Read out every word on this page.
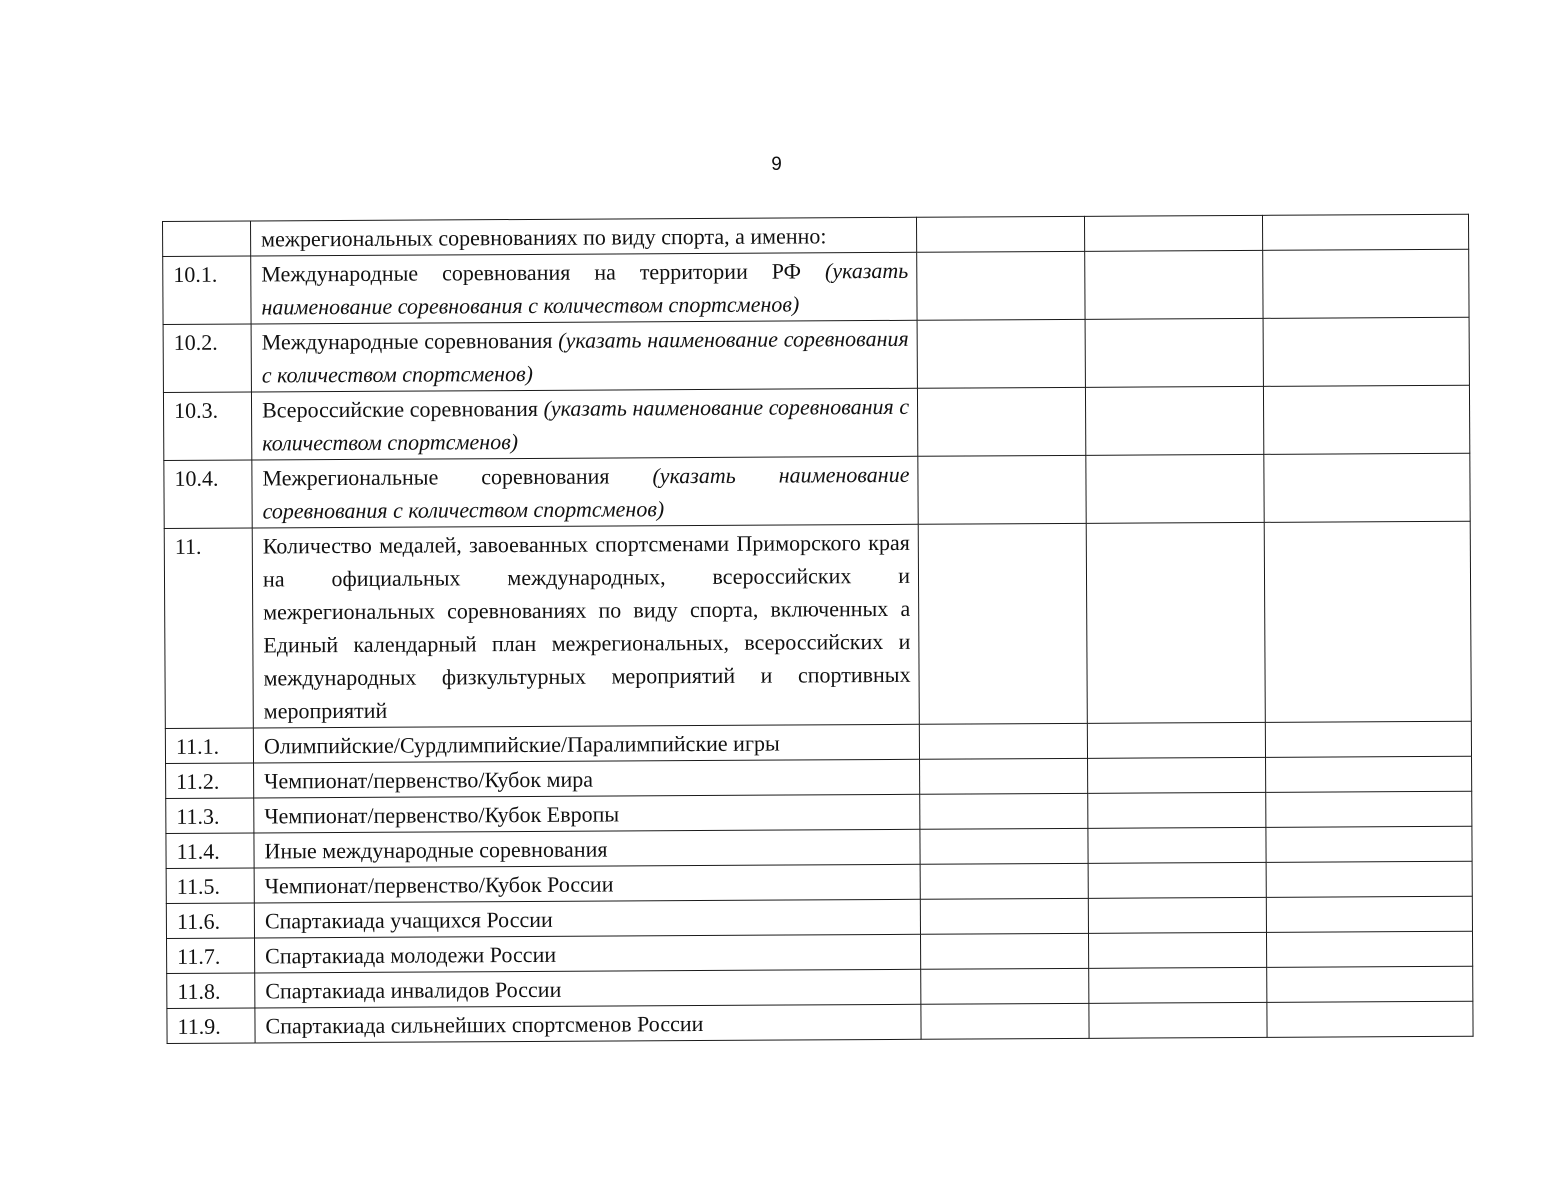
9
	межрегиональных соревнованиях по виду спорта, а именно:			
10.1.	Международные соревнования на территории РФ (указать наименование соревнования с количеством спортсменов)			
10.2.	Международные соревнования (указать наименование соревнования с количеством спортсменов)			
10.3.	Всероссийские соревнования (указать наименование соревнования с количеством спортсменов)			
10.4.	Межрегиональные соревнования (указать наименование соревнования с количеством спортсменов)			
11.	Количество медалей, завоеванных спортсменами Приморского края на официальных международных, всероссийских и межрегиональных соревнованиях по виду спорта, включенных а Единый календарный план межрегиональных, всероссийских и международных физкультурных мероприятий и спортивных мероприятий			
11.1.	Олимпийские/Сурдлимпийские/Паралимпийские игры			
11.2.	Чемпионат/первенство/Кубок мира			
11.3.	Чемпионат/первенство/Кубок Европы			
11.4.	Иные международные соревнования			
11.5.	Чемпионат/первенство/Кубок России			
11.6.	Спартакиада учащихся России			
11.7.	Спартакиада молодежи России			
11.8.	Спартакиада инвалидов России			
11.9.	Спартакиада сильнейших спортсменов России			
